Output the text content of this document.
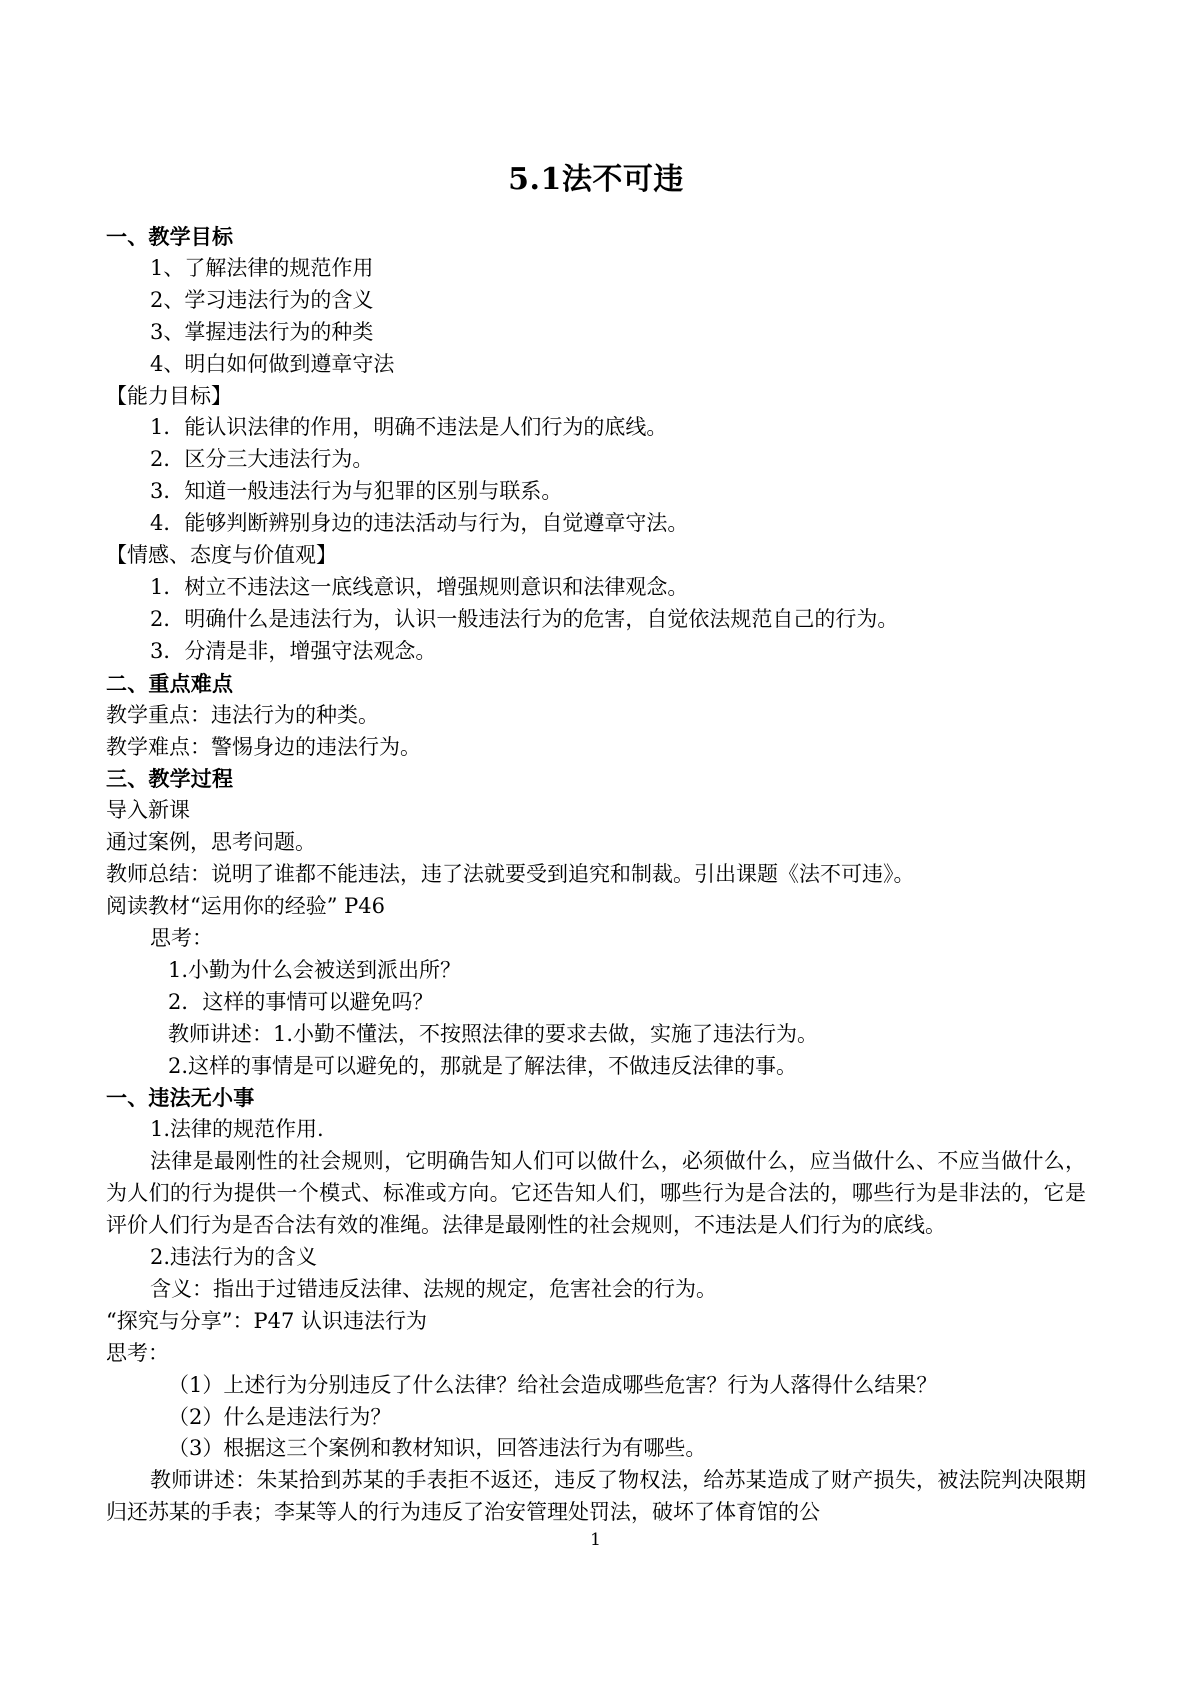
5.1法不可违
一、教学目标
1、了解法律的规范作用
2、学习违法行为的含义
3、掌握违法行为的种类
4、明白如何做到遵章守法
【能力目标】
1．能认识法律的作用，明确不违法是人们行为的底线。
2．区分三大违法行为。
3．知道一般违法行为与犯罪的区别与联系。
4．能够判断辨别身边的违法活动与行为，自觉遵章守法。
【情感、态度与价值观】
1．树立不违法这一底线意识，增强规则意识和法律观念。
2．明确什么是违法行为，认识一般违法行为的危害，自觉依法规范自己的行为。
3．分清是非，增强守法观念。
二、重点难点
教学重点：违法行为的种类。
教学难点：警惕身边的违法行为。
三、教学过程
导入新课
通过案例，思考问题。
教师总结：说明了谁都不能违法，违了法就要受到追究和制裁。引出课题《法不可违》。
阅读教材“运用你的经验” P46
思考：
1.小勤为什么会被送到派出所？
2．这样的事情可以避免吗？
教师讲述：1.小勤不懂法，不按照法律的要求去做，实施了违法行为。
2.这样的事情是可以避免的，那就是了解法律，不做违反法律的事。
一、违法无小事
1.法律的规范作用.
法律是最刚性的社会规则，它明确告知人们可以做什么，必须做什么，应当做什么、不应当做什么，为人们的行为提供一个模式、标准或方向。它还告知人们，哪些行为是合法的，哪些行为是非法的，它是评价人们行为是否合法有效的准绳。法律是最刚性的社会规则，不违法是人们行为的底线。
2.违法行为的含义
含义：指出于过错违反法律、法规的规定，危害社会的行为。
“探究与分享”：P47 认识违法行为
思考：
（1）上述行为分别违反了什么法律？给社会造成哪些危害？行为人落得什么结果？
（2）什么是违法行为？
（3）根据这三个案例和教材知识，回答违法行为有哪些。
教师讲述：朱某拾到苏某的手表拒不返还，违反了物权法，给苏某造成了财产损失，被法院判决限期归还苏某的手表；李某等人的行为违反了治安管理处罚法，破坏了体育馆的公
1
